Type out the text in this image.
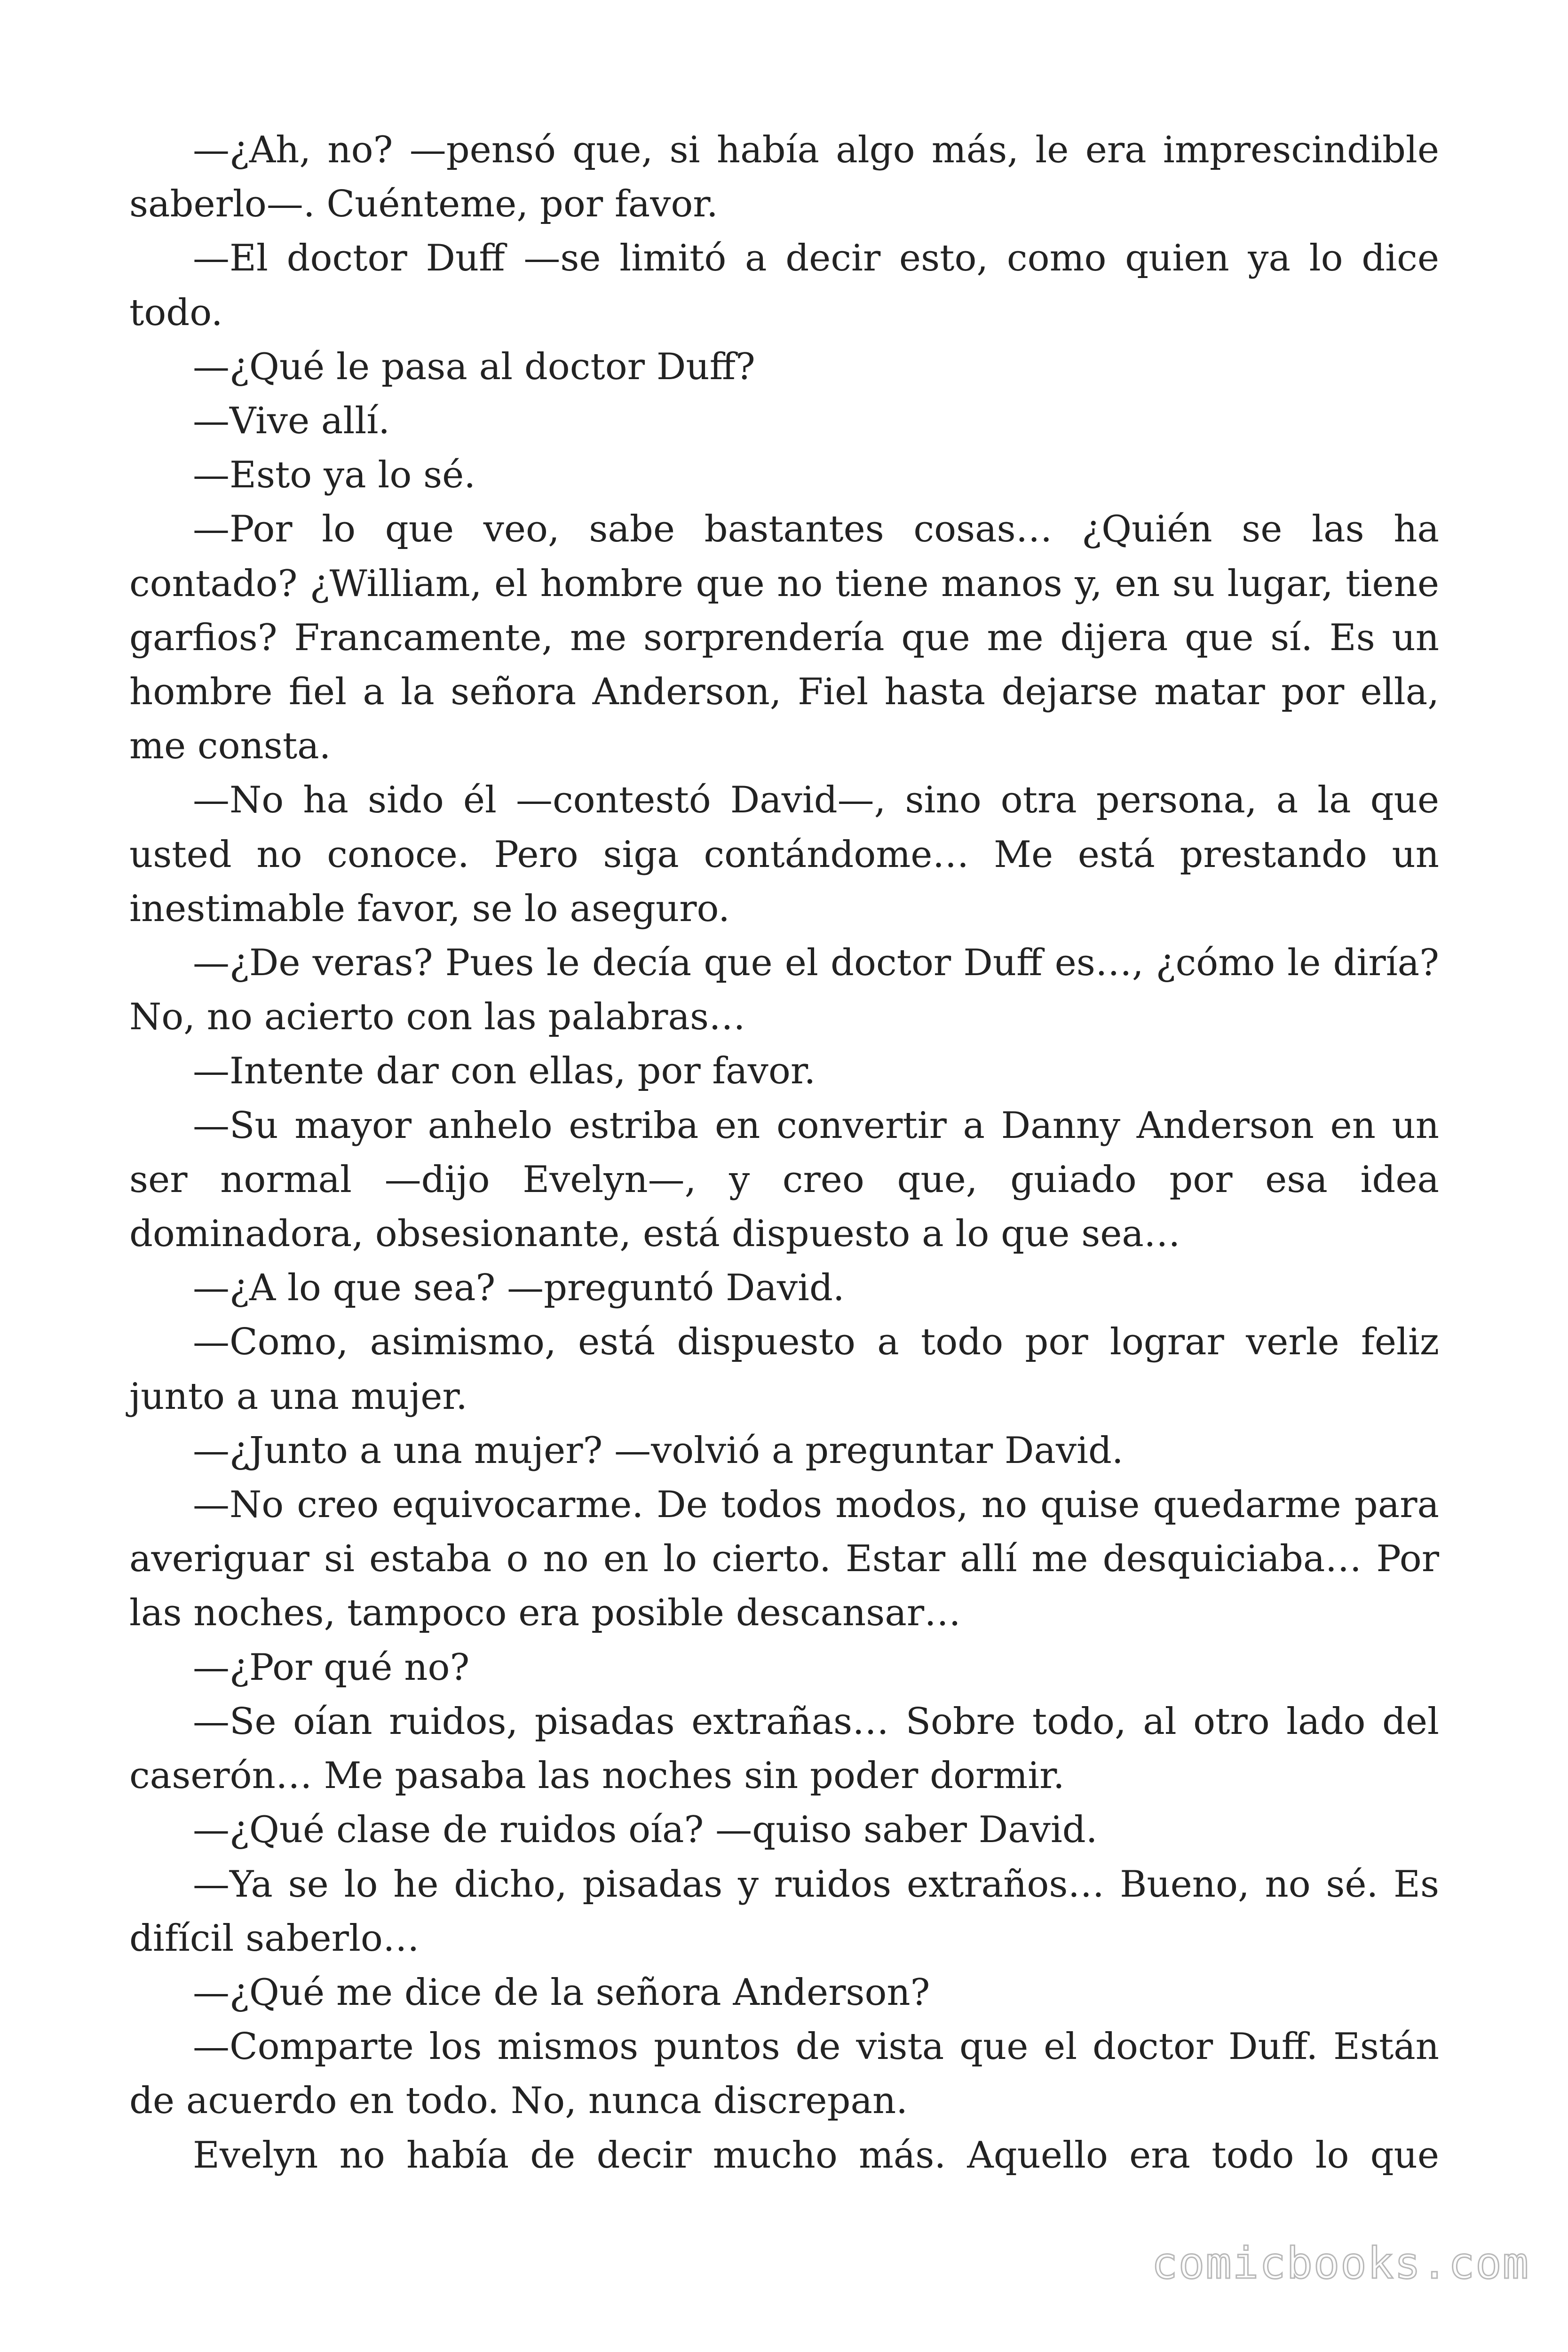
—¿Ah, no? —pensó que, si había algo más, le era imprescindible saberlo—. Cuénteme, por favor.

—El doctor Duff —se limitó a decir esto, como quien ya lo dice todo.

—¿Qué le pasa al doctor Duff?

—Vive allí.

—Esto ya lo sé.

—Por lo que veo, sabe bastantes cosas… ¿Quién se las ha contado? ¿William, el hombre que no tiene manos y, en su lugar, tiene garfios? Francamente, me sorprendería que me dijera que sí. Es un hombre fiel a la señora Anderson, Fiel hasta dejarse matar por ella, me consta.

—No ha sido él —contestó David—, sino otra persona, a la que usted no conoce. Pero siga contándome… Me está prestando un inestimable favor, se lo aseguro.

—¿De veras? Pues le decía que el doctor Duff es…, ¿cómo le diría? No, no acierto con las palabras…

—Intente dar con ellas, por favor.

—Su mayor anhelo estriba en convertir a Danny Anderson en un ser normal —dijo Evelyn—, y creo que, guiado por esa idea dominadora, obsesionante, está dispuesto a lo que sea…

—¿A lo que sea? —preguntó David.

—Como, asimismo, está dispuesto a todo por lograr verle feliz junto a una mujer.

—¿Junto a una mujer? —volvió a preguntar David.

—No creo equivocarme. De todos modos, no quise quedarme para averiguar si estaba o no en lo cierto. Estar allí me desquiciaba… Por las noches, tampoco era posible descansar…

—¿Por qué no?

—Se oían ruidos, pisadas extrañas… Sobre todo, al otro lado del caserón… Me pasaba las noches sin poder dormir.

—¿Qué clase de ruidos oía? —quiso saber David.

—Ya se lo he dicho, pisadas y ruidos extraños… Bueno, no sé. Es difícil saberlo…

—¿Qué me dice de la señora Anderson?

—Comparte los mismos puntos de vista que el doctor Duff. Están de acuerdo en todo. No, nunca discrepan.

Evelyn no había de decir mucho más. Aquello era todo lo que

comicbooks.com
